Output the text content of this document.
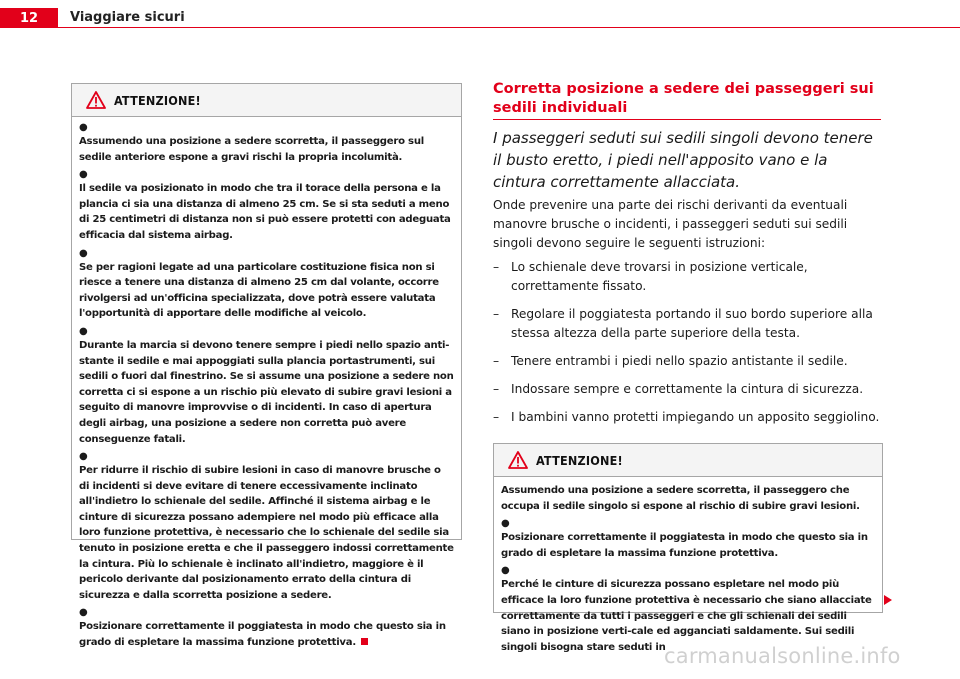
12	Viaggiare sicuri
ATTENZIONE!

●
Assumendo una posizione a sedere scorretta, il passeggero sul sedile anteriore espone a gravi rischi la propria incolumità.

●
Il sedile va posizionato in modo che tra il torace della persona e la plancia ci sia una distanza di almeno 25 cm. Se si sta seduti a meno di 25 centimetri di distanza non si può essere protetti con adeguata efficacia dal sistema airbag.

●
Se per ragioni legate ad una particolare costituzione fisica non si riesce a tenere una distanza di almeno 25 cm dal volante, occorre rivolgersi ad un'officina specializzata, dove potrà essere valutata l'opportunità di apportare delle modifiche al veicolo.

●
Durante la marcia si devono tenere sempre i piedi nello spazio anti-stante il sedile e mai appoggiati sulla plancia portastrumenti, sui sedili o fuori dal finestrino. Se si assume una posizione a sedere non corretta ci si espone a un rischio più elevato di subire gravi lesioni a seguito di manovre improvvise o di incidenti. In caso di apertura degli airbag, una posizione a sedere non corretta può avere conseguenze fatali.

●
Per ridurre il rischio di subire lesioni in caso di manovre brusche o di incidenti si deve evitare di tenere eccessivamente inclinato all'indietro lo schienale del sedile. Affinché il sistema airbag e le cinture di sicurezza possano adempiere nel modo più efficace alla loro funzione protettiva, è necessario che lo schienale del sedile sia tenuto in posizione eretta e che il passeggero indossi correttamente la cintura. Più lo schienale è inclinato all'indietro, maggiore è il pericolo derivante dal posizionamento errato della cintura di sicurezza e dalla scorretta posizione a sedere.

●
Posizionare correttamente il poggiatesta in modo che questo sia in grado di espletare la massima funzione protettiva.

Corretta posizione a sedere dei passeggeri sui sedili individuali
I passeggeri seduti sui sedili singoli devono tenere il busto eretto, i piedi nell'apposito vano e la cintura correttamente allacciata.
Onde prevenire una parte dei rischi derivanti da eventuali manovre brusche o incidenti, i passeggeri seduti sui sedili singoli devono seguire le seguenti istruzioni:
– Lo schienale deve trovarsi in posizione verticale, correttamente fissato.
– Regolare il poggiatesta portando il suo bordo superiore alla stessa altezza della parte superiore della testa.
– Tenere entrambi i piedi nello spazio antistante il sedile.
– Indossare sempre e correttamente la cintura di sicurezza.
– I bambini vanno protetti impiegando un apposito seggiolino.
ATTENZIONE!

Assumendo una posizione a sedere scorretta, il passeggero che occupa il sedile singolo si espone al rischio di subire gravi lesioni.

●
Posizionare correttamente il poggiatesta in modo che questo sia in grado di espletare la massima funzione protettiva.

●
Perché le cinture di sicurezza possano espletare nel modo più efficace la loro funzione protettiva è necessario che siano allacciate correttamente da tutti i passeggeri e che gli schienali dei sedili siano in posizione verti-cale ed agganciati saldamente. Sui sedili singoli bisogna stare seduti in

carmanualsonline.info
